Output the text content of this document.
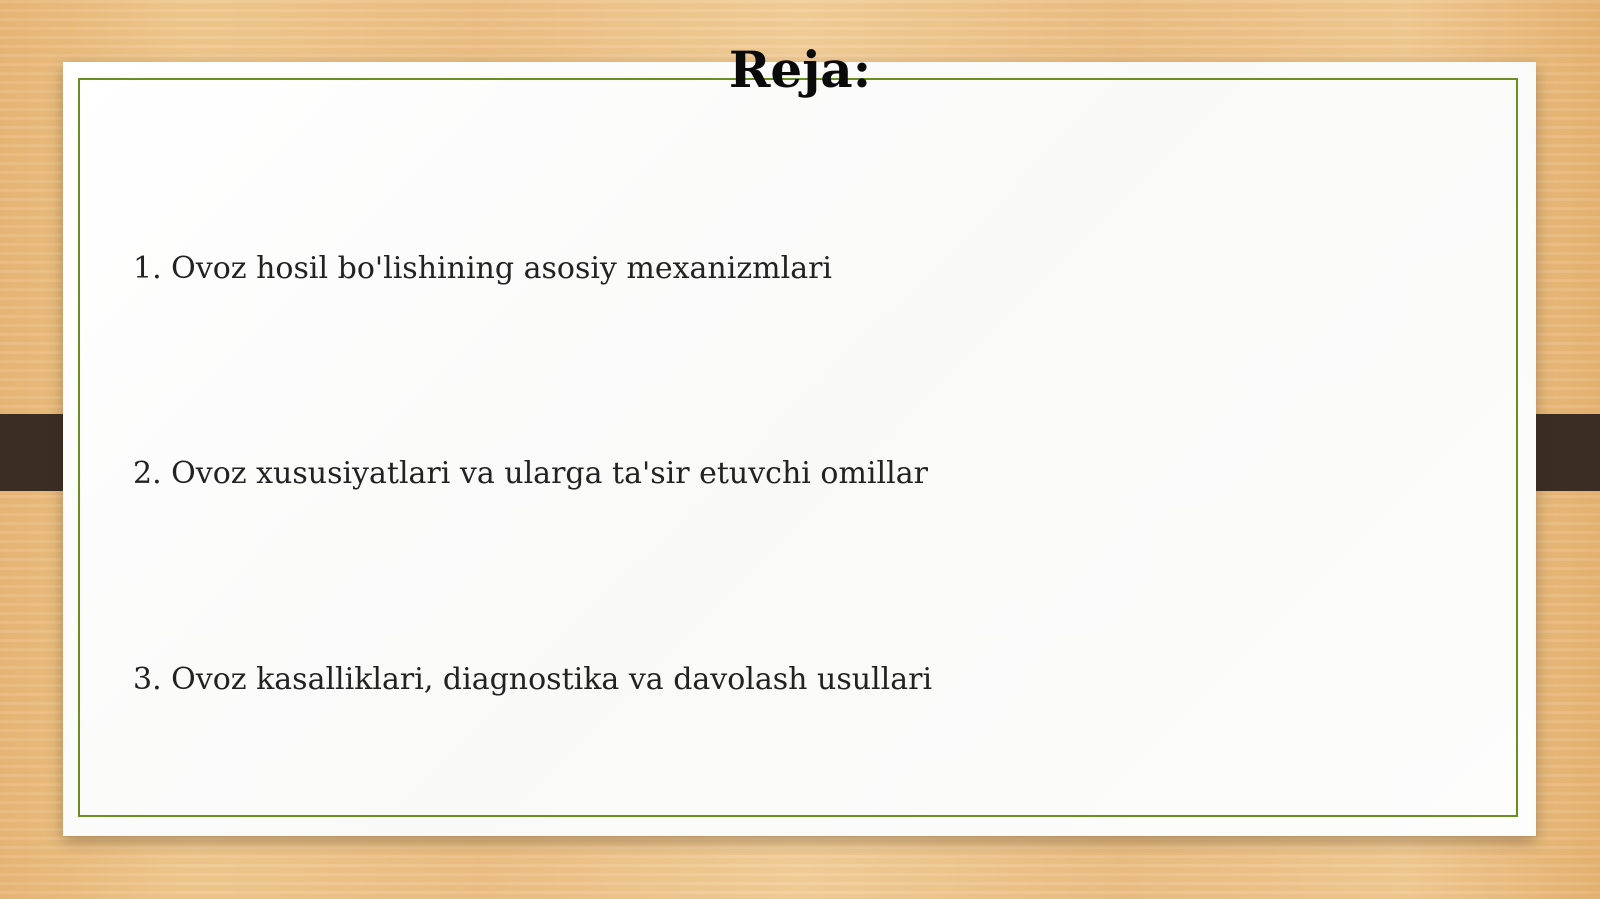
Reja:

1. Ovoz hosil bo'lishining asosiy mexanizmlari

2. Ovoz xususiyatlari va ularga ta'sir etuvchi omillar

3. Ovoz kasalliklari, diagnostika va davolash usullari
